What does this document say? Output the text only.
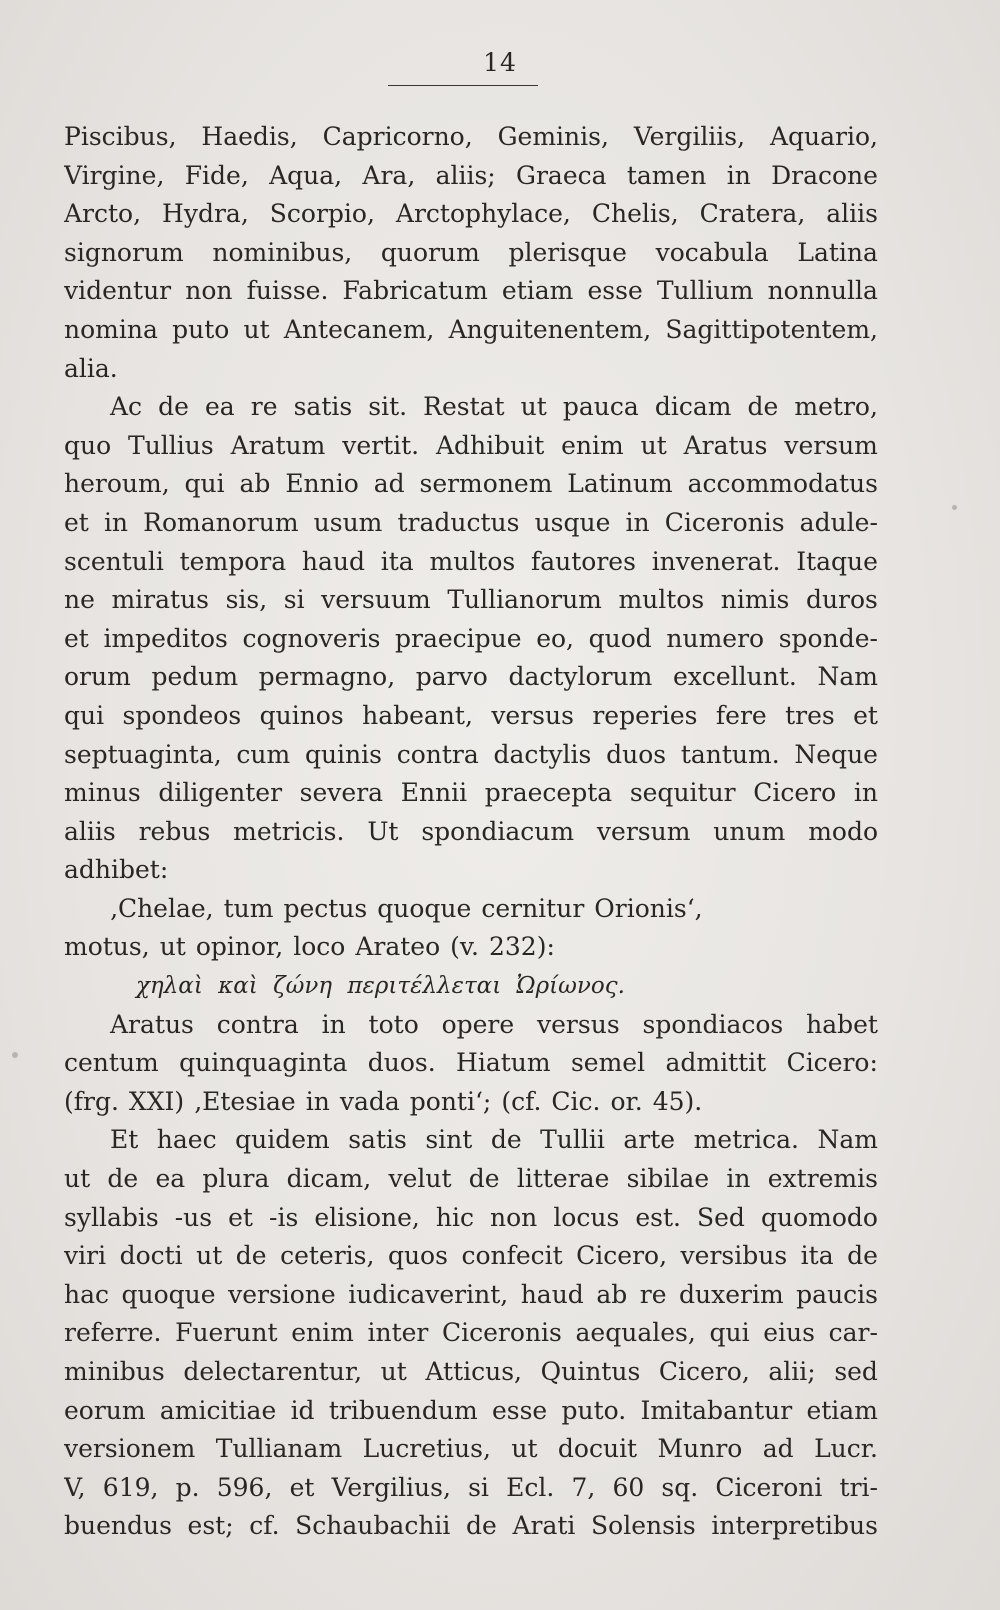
14
Piscibus, Haedis, Capricorno, Geminis, Vergiliis, Aquario,
Virgine, Fide, Aqua, Ara, aliis; Graeca tamen in Dracone
Arcto, Hydra, Scorpio, Arctophylace, Chelis, Cratera, aliis
signorum nominibus, quorum plerisque vocabula Latina
videntur non fuisse. Fabricatum etiam esse Tullium nonnulla
nomina puto ut Antecanem, Anguitenentem, Sagittipotentem,
alia.
Ac de ea re satis sit. Restat ut pauca dicam de metro,
quo Tullius Aratum vertit. Adhibuit enim ut Aratus versum
heroum, qui ab Ennio ad sermonem Latinum accommodatus
et in Romanorum usum traductus usque in Ciceronis adule-
scentuli tempora haud ita multos fautores invenerat. Itaque
ne miratus sis, si versuum Tullianorum multos nimis duros
et impeditos cognoveris praecipue eo, quod numero sponde-
orum pedum permagno, parvo dactylorum excellunt. Nam
qui spondeos quinos habeant, versus reperies fere tres et
septuaginta, cum quinis contra dactylis duos tantum. Neque
minus diligenter severa Ennii praecepta sequitur Cicero in
aliis rebus metricis. Ut spondiacum versum unum modo
adhibet:
‚Chelae, tum pectus quoque cernitur Orionis‘,
motus, ut opinor, loco Arateo (v. 232):
χηλαὶ καὶ ζώνη περιτέλλεται Ὠρίωνος.
Aratus contra in toto opere versus spondiacos habet
centum quinquaginta duos. Hiatum semel admittit Cicero:
(frg. XXI) ‚Etesiae in vada ponti‘; (cf. Cic. or. 45).
Et haec quidem satis sint de Tullii arte metrica. Nam
ut de ea plura dicam, velut de litterae sibilae in extremis
syllabis -us et -is elisione, hic non locus est. Sed quomodo
viri docti ut de ceteris, quos confecit Cicero, versibus ita de
hac quoque versione iudicaverint, haud ab re duxerim paucis
referre. Fuerunt enim inter Ciceronis aequales, qui eius car-
minibus delectarentur, ut Atticus, Quintus Cicero, alii; sed
eorum amicitiae id tribuendum esse puto. Imitabantur etiam
versionem Tullianam Lucretius, ut docuit Munro ad Lucr.
V, 619, p. 596, et Vergilius, si Ecl. 7, 60 sq. Ciceroni tri-
buendus est; cf. Schaubachii de Arati Solensis interpretibus
